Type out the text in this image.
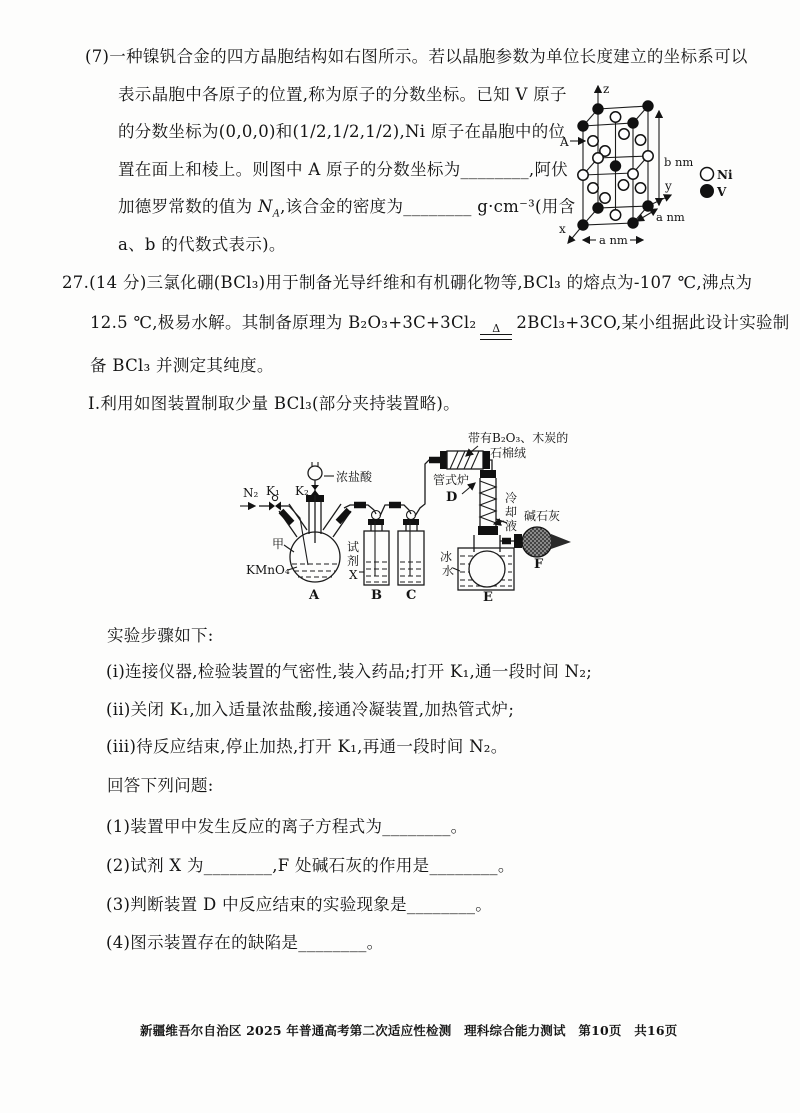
(7)一种镍钒合金的四方晶胞结构如右图所示。若以晶胞参数为单位长度建立的坐标系可以
表示晶胞中各原子的位置,称为原子的分数坐标。已知 V 原子
的分数坐标为(0,0,0)和(1/2,1/2,1/2),Ni 原子在晶胞中的位
置在面上和棱上。则图中 A 原子的分数坐标为________,阿伏
加德罗常数的值为 $N_A$,该合金的密度为________ g·cm⁻³(用含
a、b 的代数式表示)。
z
x
y
b nm
a nm
a nm
A
Ni
V
27.(14 分)三氯化硼(BCl₃)用于制备光导纤维和有机硼化物等,BCl₃ 的熔点为-107 ℃,沸点为
12.5 ℃,极易水解。其制备原理为 B₂O₃+3C+3Cl₂ Δ 2BCl₃+3CO,某小组据此设计实验制
备 BCl₃ 并测定其纯度。
I.利用如图装置制取少量 BCl₃(部分夹持装置略)。
N₂ K₁
甲
KMnO₄
A
K₂
浓盐酸
试
剂
X
B C
管式炉
D
带有B₂O₃、木炭的
石棉绒
冷
却
液
冰
水
E
碱石灰
F
实验步骤如下:
(i)连接仪器,检验装置的气密性,装入药品;打开 K₁,通一段时间 N₂;
(ii)关闭 K₁,加入适量浓盐酸,接通冷凝装置,加热管式炉;
(iii)待反应结束,停止加热,打开 K₁,再通一段时间 N₂。
回答下列问题:
(1)装置甲中发生反应的离子方程式为________。
(2)试剂 X 为________,F 处碱石灰的作用是________。
(3)判断装置 D 中反应结束的实验现象是________。
(4)图示装置存在的缺陷是________。
新疆维吾尔自治区 2025 年普通高考第二次适应性检测　理科综合能力测试　第10页　共16页
